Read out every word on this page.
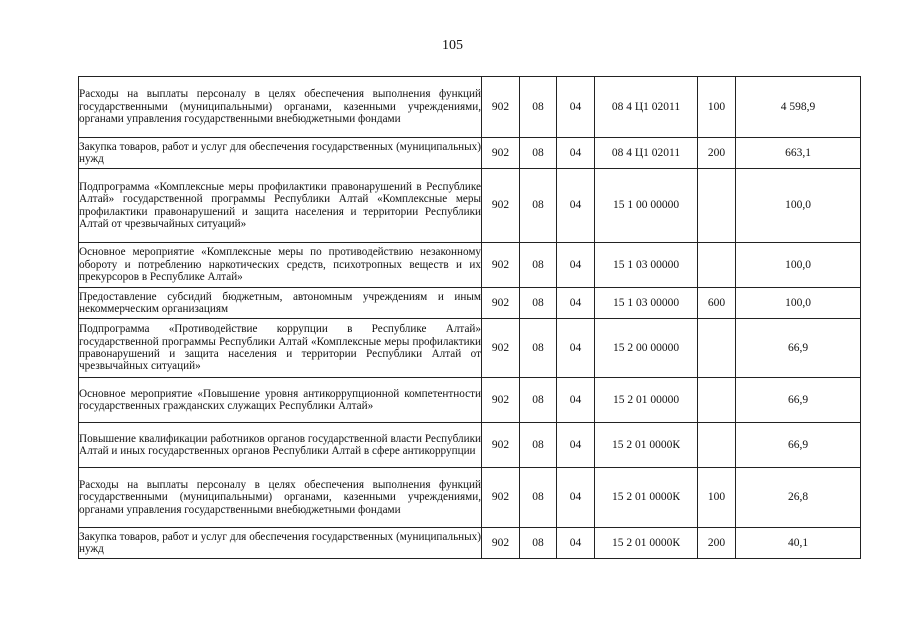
105
Расходы на выплаты персоналу в целях обеспечения выполнения функций государственными (муниципальными) органами, казенными учреждениями, органами управления государственными внебюджетными фондами	902	08	04	08 4 Ц1 02011	100	4 598,9
Закупка товаров, работ и услуг для обеспечения государственных (муниципальных) нужд	902	08	04	08 4 Ц1 02011	200	663,1
Подпрограмма «Комплексные меры профилактики правонарушений в Республике Алтай» государственной программы Республики Алтай «Комплексные меры профилактики правонарушений и защита населения и территории Республики Алтай от чрезвычайных ситуаций»	902	08	04	15 1 00 00000		100,0
Основное мероприятие «Комплексные меры по противодействию незаконному обороту и потреблению наркотических средств, психотропных веществ и их прекурсоров в Республике Алтай»	902	08	04	15 1 03 00000		100,0
Предоставление субсидий бюджетным, автономным учреждениям и иным некоммерческим организациям	902	08	04	15 1 03 00000	600	100,0
Подпрограмма «Противодействие коррупции в Республике Алтай» государственной программы Республики Алтай «Комплексные меры профилактики правонарушений и защита населения и территории Республики Алтай от чрезвычайных ситуаций»	902	08	04	15 2 00 00000		66,9
Основное мероприятие «Повышение уровня антикоррупционной компетентности государственных гражданских служащих Республики Алтай»	902	08	04	15 2 01 00000		66,9
Повышение квалификации работников органов государственной власти Республики Алтай и иных государственных органов Республики Алтай в сфере антикоррупции	902	08	04	15 2 01 0000К		66,9
Расходы на выплаты персоналу в целях обеспечения выполнения функций государственными (муниципальными) органами, казенными учреждениями, органами управления государственными внебюджетными фондами	902	08	04	15 2 01 0000К	100	26,8
Закупка товаров, работ и услуг для обеспечения государственных (муниципальных) нужд	902	08	04	15 2 01 0000К	200	40,1
